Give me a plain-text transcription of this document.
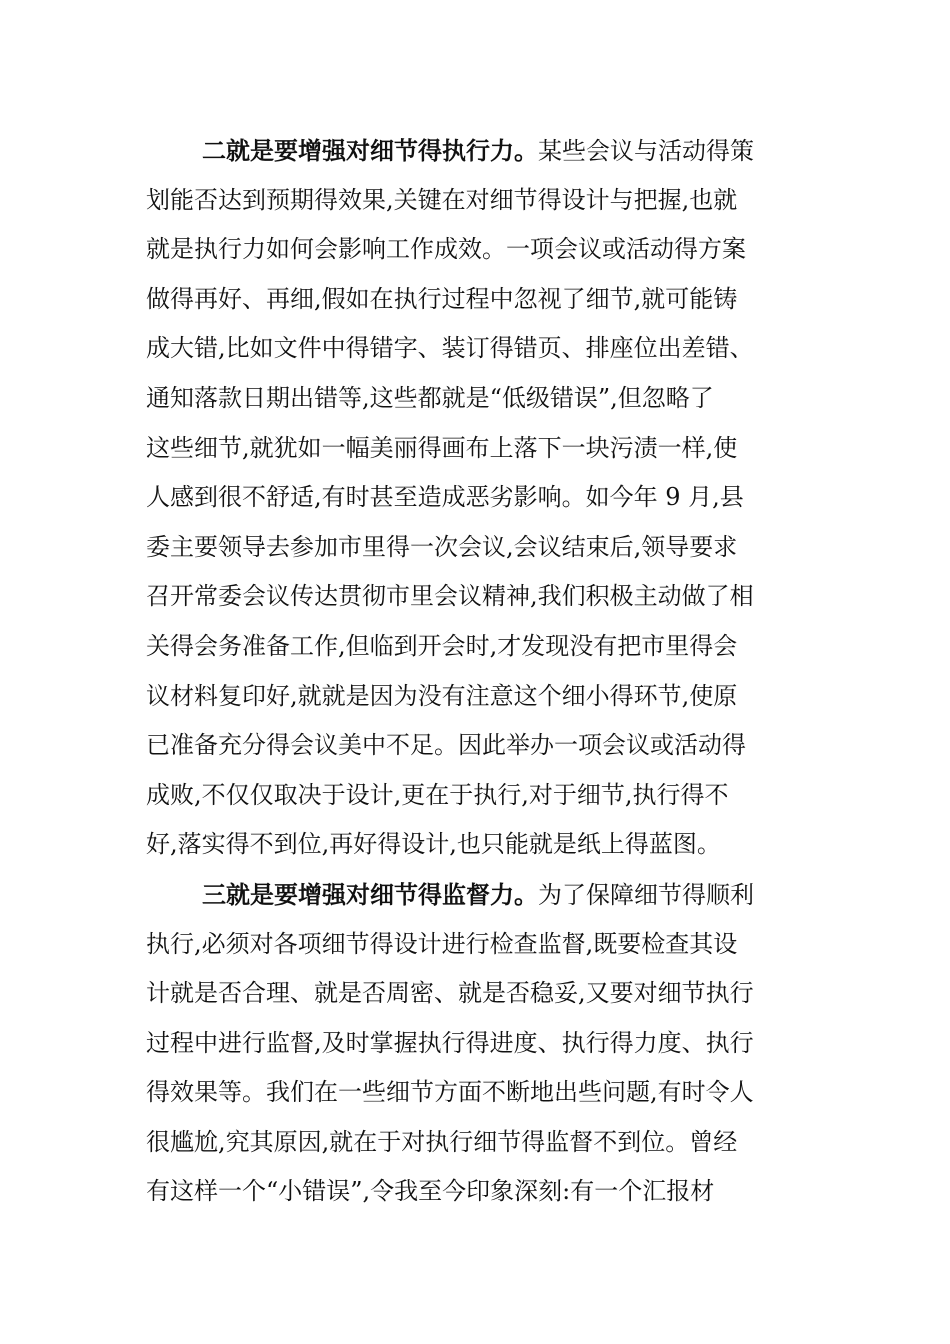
二就是要增强对细节得执行力。某些会议与活动得策
划能否达到预期得效果,关键在对细节得设计与把握,也就
就是执行力如何会影响工作成效。一项会议或活动得方案
做得再好、再细,假如在执行过程中忽视了细节,就可能铸
成大错,比如文件中得错字、装订得错页、排座位出差错、
通知落款日期出错等,这些都就是“低级错误”,但忽略了
这些细节,就犹如一幅美丽得画布上落下一块污渍一样,使
人感到很不舒适,有时甚至造成恶劣影响。如今年 9 月,县
委主要领导去参加市里得一次会议,会议结束后,领导要求
召开常委会议传达贯彻市里会议精神,我们积极主动做了相
关得会务准备工作,但临到开会时,才发现没有把市里得会
议材料复印好,就就是因为没有注意这个细小得环节,使原
已准备充分得会议美中不足。因此举办一项会议或活动得
成败,不仅仅取决于设计,更在于执行,对于细节,执行得不
好,落实得不到位,再好得设计,也只能就是纸上得蓝图。
三就是要增强对细节得监督力。为了保障细节得顺利
执行,必须对各项细节得设计进行检查监督,既要检查其设
计就是否合理、就是否周密、就是否稳妥,又要对细节执行
过程中进行监督,及时掌握执行得进度、执行得力度、执行
得效果等。我们在一些细节方面不断地出些问题,有时令人
很尴尬,究其原因,就在于对执行细节得监督不到位。曾经
有这样一个“小错误”,令我至今印象深刻:有一个汇报材
